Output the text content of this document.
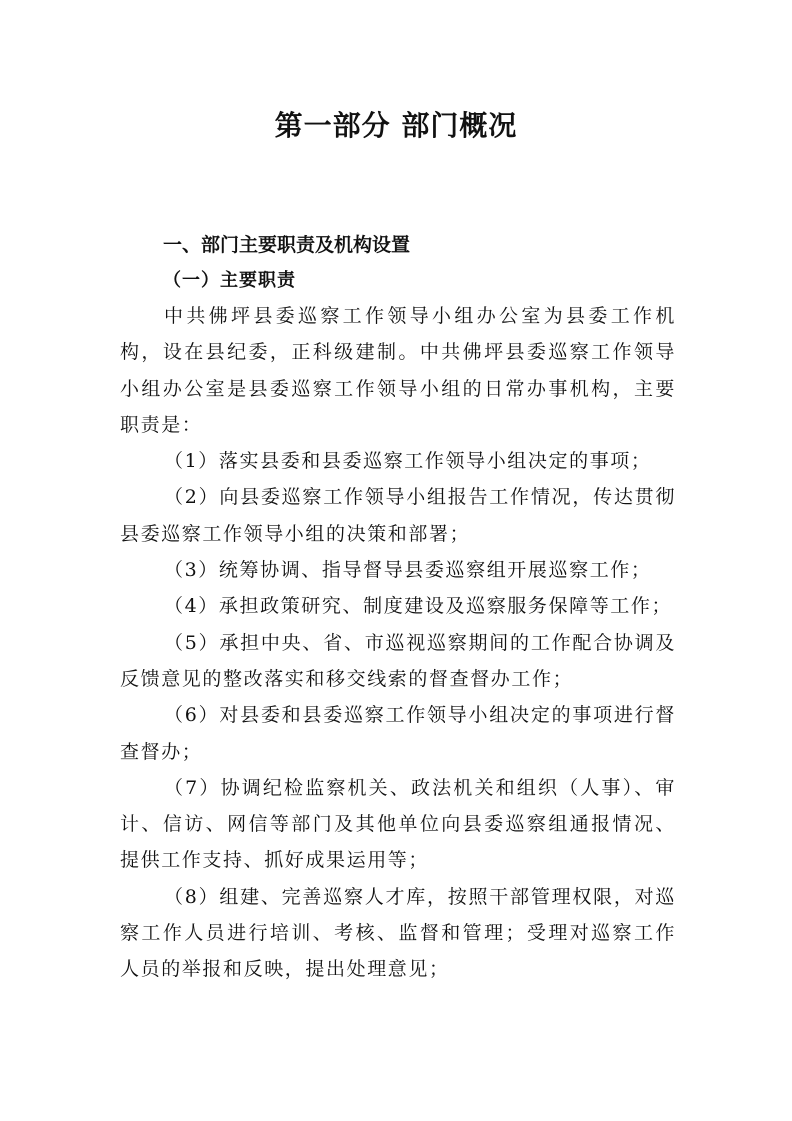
第一部分 部门概况
一、部门主要职责及机构设置
（一）主要职责

中共佛坪县委巡察工作领导小组办公室为县委工作机构，设在县纪委，正科级建制。中共佛坪县委巡察工作领导小组办公室是县委巡察工作领导小组的日常办事机构，主要职责是：

（1）落实县委和县委巡察工作领导小组决定的事项；

（2）向县委巡察工作领导小组报告工作情况，传达贯彻县委巡察工作领导小组的决策和部署；

（3）统筹协调、指导督导县委巡察组开展巡察工作；

（4）承担政策研究、制度建设及巡察服务保障等工作；

（5）承担中央、省、市巡视巡察期间的工作配合协调及反馈意见的整改落实和移交线索的督查督办工作；

（6）对县委和县委巡察工作领导小组决定的事项进行督查督办；

（7）协调纪检监察机关、政法机关和组织（人事）、审计、信访、网信等部门及其他单位向县委巡察组通报情况、提供工作支持、抓好成果运用等；

（8）组建、完善巡察人才库，按照干部管理权限，对巡察工作人员进行培训、考核、监督和管理；受理对巡察工作人员的举报和反映，提出处理意见；
